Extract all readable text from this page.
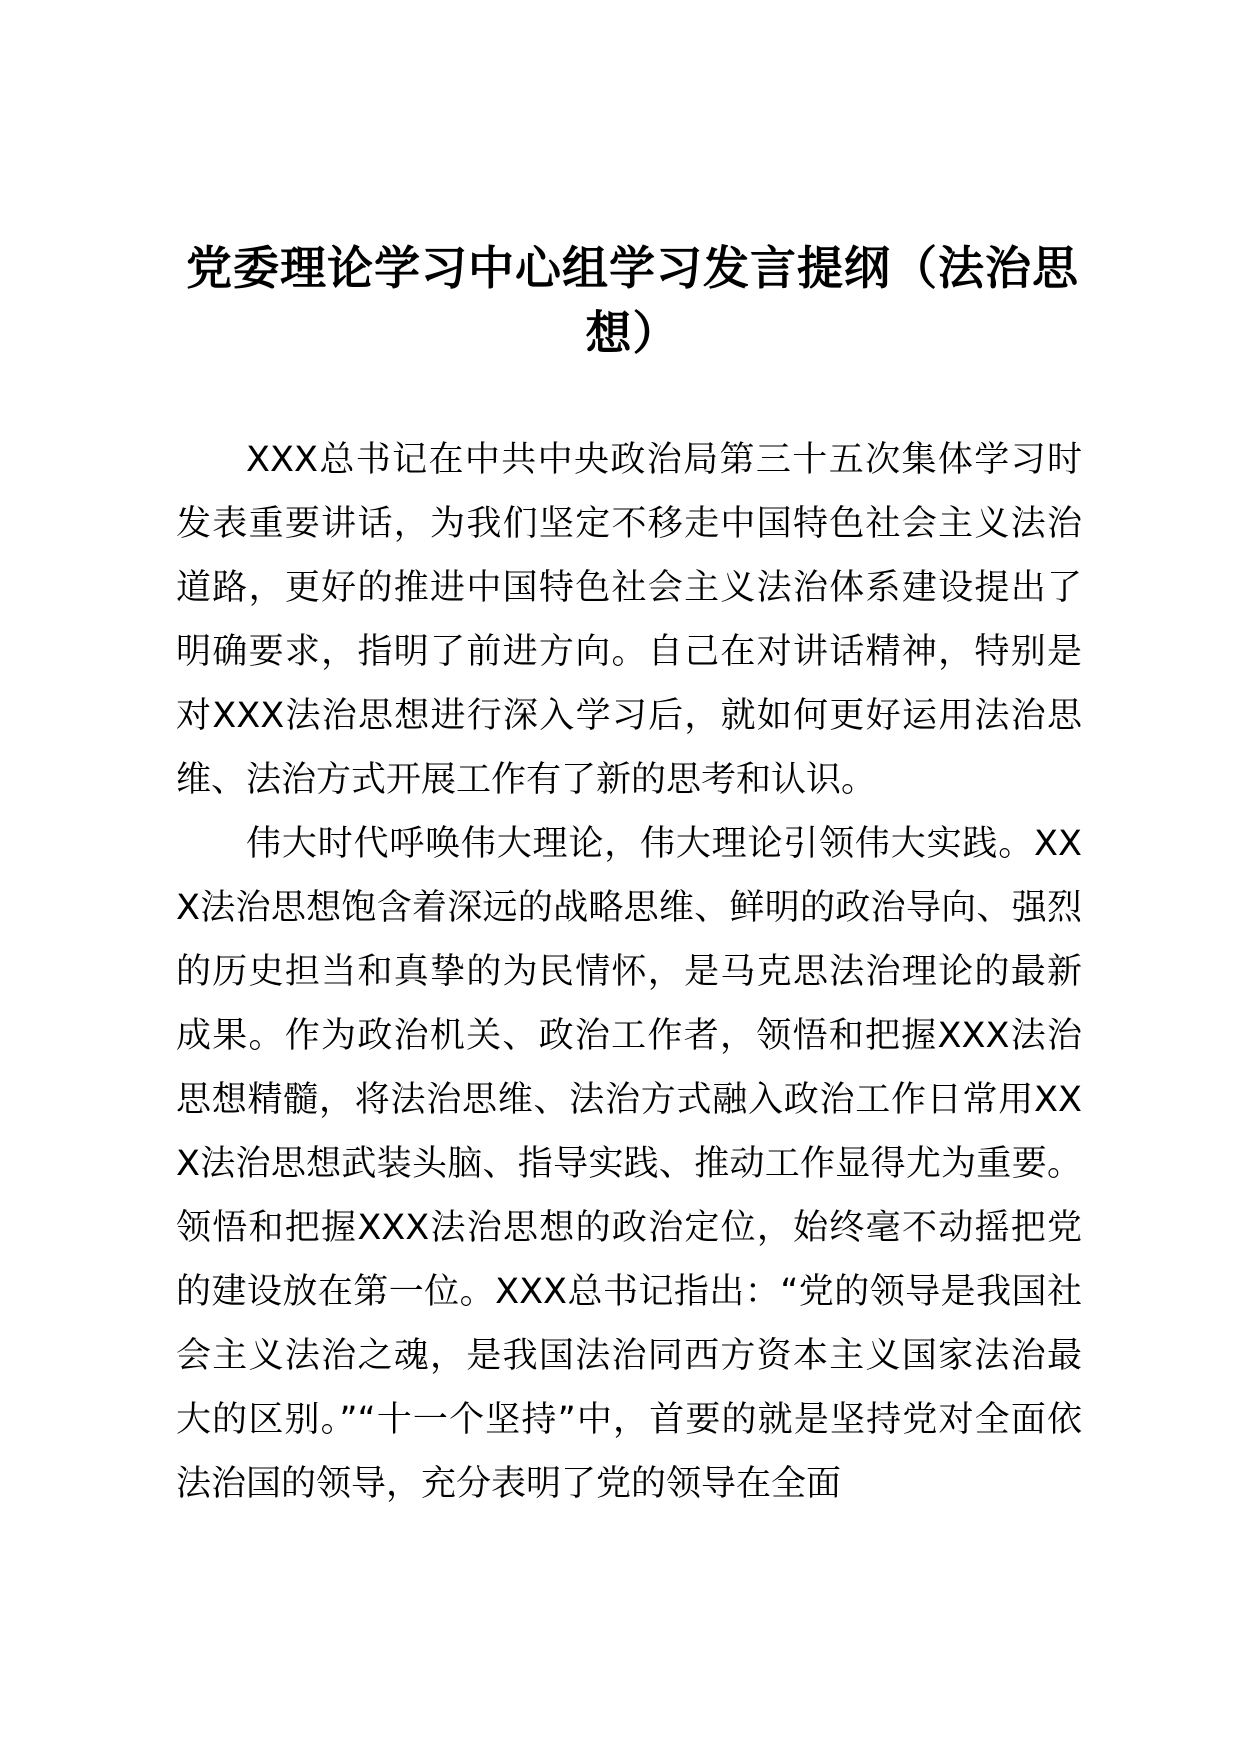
党委理论学习中心组学习发言提纲（法治思想）

XXX总书记在中共中央政治局第三十五次集体学习时发表重要讲话，为我们坚定不移走中国特色社会主义法治道路，更好的推进中国特色社会主义法治体系建设提出了明确要求，指明了前进方向。自己在对讲话精神，特别是对XXX法治思想进行深入学习后，就如何更好运用法治思维、法治方式开展工作有了新的思考和认识。

伟大时代呼唤伟大理论，伟大理论引领伟大实践。XXX法治思想饱含着深远的战略思维、鲜明的政治导向、强烈的历史担当和真挚的为民情怀，是马克思法治理论的最新成果。作为政治机关、政治工作者，领悟和把握XXX法治思想精髓，将法治思维、法治方式融入政治工作日常用XXX法治思想武装头脑、指导实践、推动工作显得尤为重要。领悟和把握XXX法治思想的政治定位，始终毫不动摇把党的建设放在第一位。XXX总书记指出：“党的领导是我国社会主义法治之魂，是我国法治同西方资本主义国家法治最大的区别。”“十一个坚持”中，首要的就是坚持党对全面依法治国的领导，充分表明了党的领导在全面
